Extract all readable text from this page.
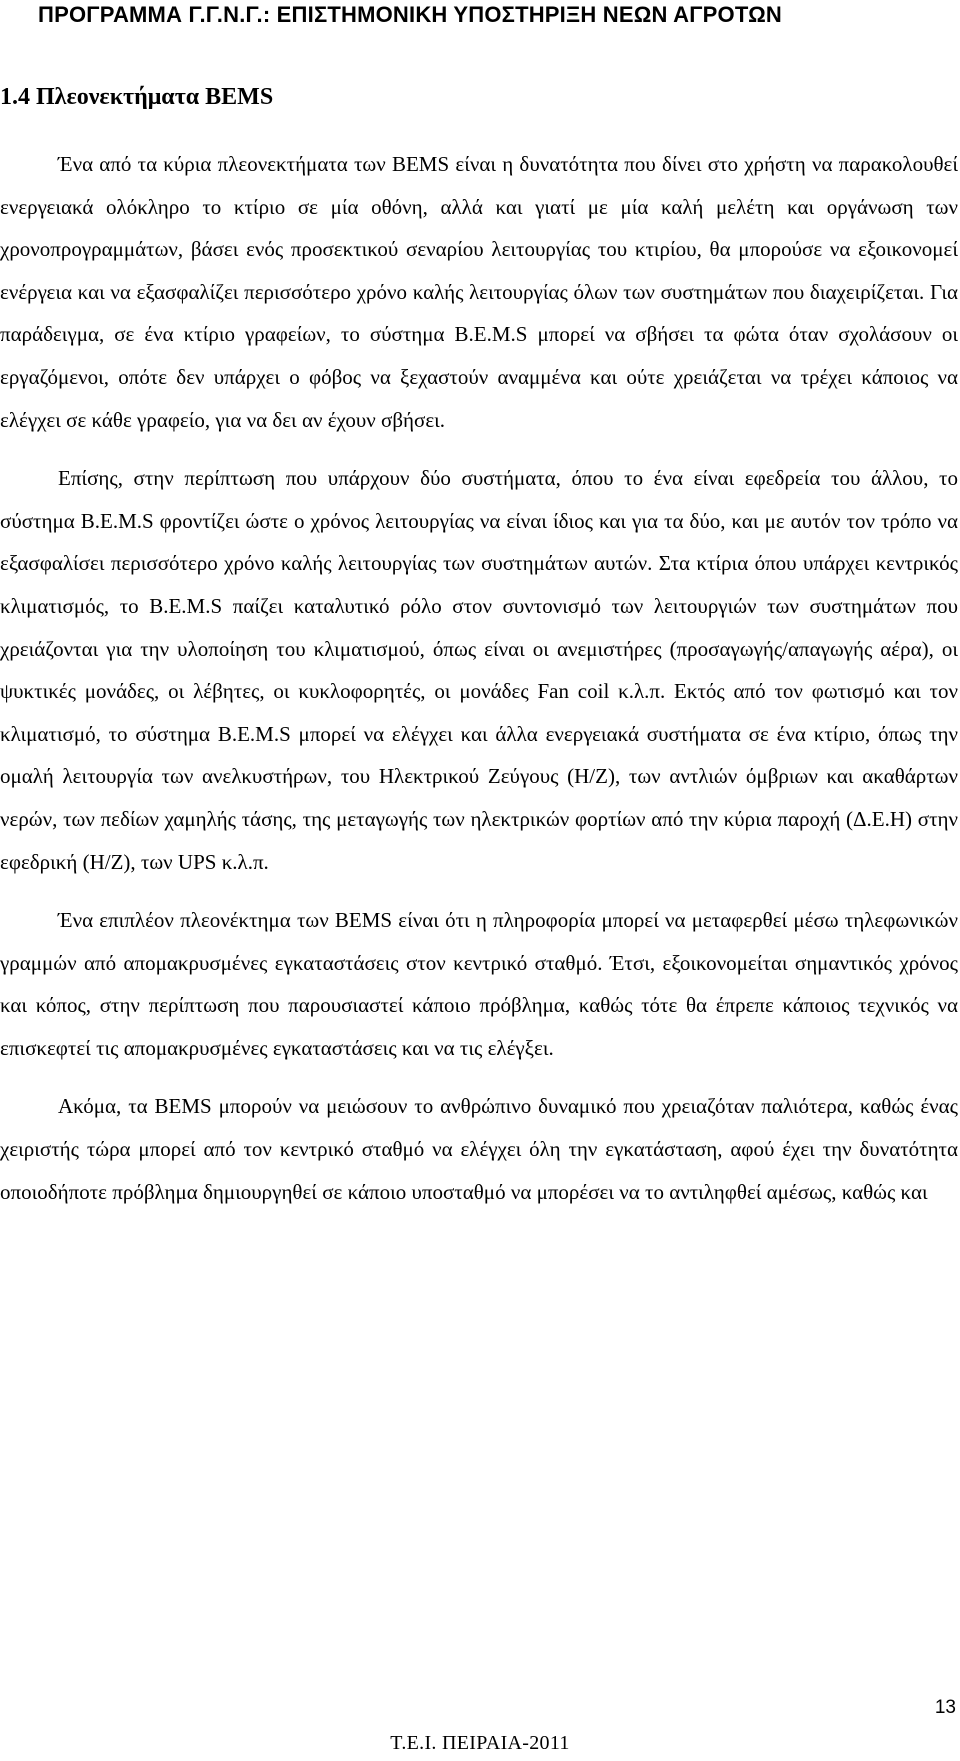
ΠΡΟΓΡΑΜΜΑ Γ.Γ.Ν.Γ.: ΕΠΙΣΤΗΜΟΝΙΚΗ ΥΠΟΣΤΗΡΙΞΗ ΝΕΩΝ ΑΓΡΟΤΩΝ
1.4 Πλεονεκτήματα BEMS

Ένα από τα κύρια πλεονεκτήματα των BEMS είναι η δυνατότητα που δίνει στο χρήστη να παρακολουθεί ενεργειακά ολόκληρο το κτίριο σε μία οθόνη, αλλά και γιατί με μία καλή μελέτη και οργάνωση των χρονοπρογραμμάτων, βάσει ενός προσεκτικού σεναρίου λειτουργίας του κτιρίου, θα μπορούσε να εξοικονομεί ενέργεια και να εξασφαλίζει περισσότερο χρόνο καλής λειτουργίας όλων των συστημάτων που διαχειρίζεται. Για παράδειγμα, σε ένα κτίριο γραφείων, το σύστημα B.E.M.S μπορεί να σβήσει τα φώτα όταν σχολάσουν οι εργαζόμενοι, οπότε δεν υπάρχει ο φόβος να ξεχαστούν αναμμένα και ούτε χρειάζεται να τρέχει κάποιος να ελέγχει σε κάθε γραφείο, για να δει αν έχουν σβήσει.

Επίσης, στην περίπτωση που υπάρχουν δύο συστήματα, όπου το ένα είναι εφεδρεία του άλλου, το σύστημα B.E.M.S φροντίζει ώστε ο χρόνος λειτουργίας να είναι ίδιος και για τα δύο, και με αυτόν τον τρόπο να εξασφαλίσει περισσότερο χρόνο καλής λειτουργίας των συστημάτων αυτών. Στα κτίρια όπου υπάρχει κεντρικός κλιματισμός, το B.E.M.S παίζει καταλυτικό ρόλο στον συντονισμό των λειτουργιών των συστημάτων που χρειάζονται για την υλοποίηση του κλιματισμού, όπως είναι οι ανεμιστήρες (προσαγωγής/απαγωγής αέρα), οι ψυκτικές μονάδες, οι λέβητες, οι κυκλοφορητές, οι μονάδες Fan coil κ.λ.π. Εκτός από τον φωτισμό και τον κλιματισμό, το σύστημα B.E.M.S μπορεί να ελέγχει και άλλα ενεργειακά συστήματα σε ένα κτίριο, όπως την ομαλή λειτουργία των ανελκυστήρων, του Ηλεκτρικού Ζεύγους (Η/Ζ), των αντλιών όμβριων και ακαθάρτων νερών, των πεδίων χαμηλής τάσης, της μεταγωγής των ηλεκτρικών φορτίων από την κύρια παροχή (Δ.Ε.Η) στην εφεδρική (Η/Ζ), των UPS κ.λ.π.

Ένα επιπλέον πλεονέκτημα των BEMS είναι ότι η πληροφορία μπορεί να μεταφερθεί μέσω τηλεφωνικών γραμμών από απομακρυσμένες εγκαταστάσεις στον κεντρικό σταθμό. Έτσι, εξοικονομείται σημαντικός χρόνος και κόπος, στην περίπτωση που παρουσιαστεί κάποιο πρόβλημα, καθώς τότε θα έπρεπε κάποιος τεχνικός να επισκεφτεί τις απομακρυσμένες εγκαταστάσεις και να τις ελέγξει.

Ακόμα, τα BEMS μπορούν να μειώσουν το ανθρώπινο δυναμικό που χρειαζόταν παλιότερα, καθώς ένας χειριστής τώρα μπορεί από τον κεντρικό σταθμό να ελέγχει όλη την εγκατάσταση, αφού έχει την δυνατότητα οποιοδήποτε πρόβλημα δημιουργηθεί σε κάποιο υποσταθμό να μπορέσει να το αντιληφθεί αμέσως, καθώς και

13
Τ.Ε.Ι. ΠΕΙΡΑΙΑ-2011
